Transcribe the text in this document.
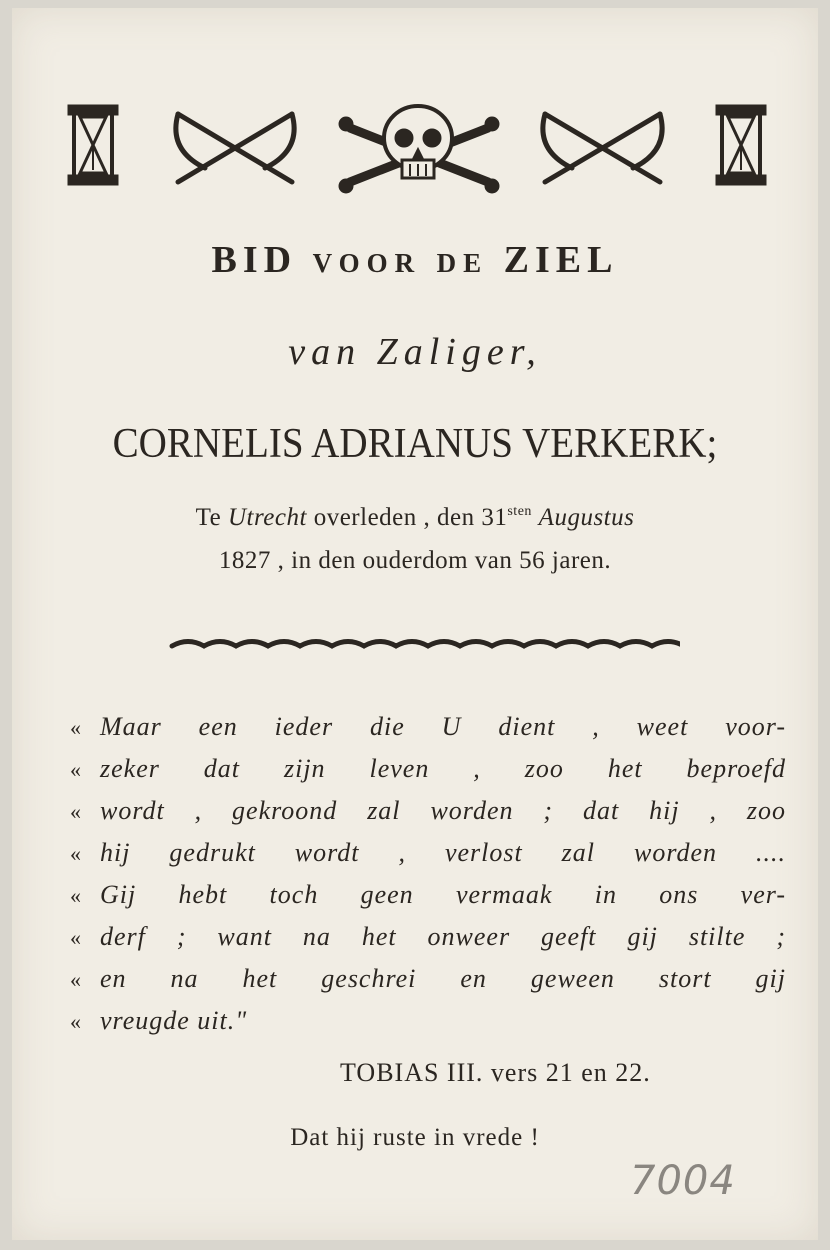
BID VOOR DE ZIEL
van Zaliger,
CORNELIS ADRIANUS VERKERK;
Te Utrecht overleden , den $31^{sten}$ Augustus
1827 , in den ouderdom van 56 jaren.
« Maar een ieder die U dient , weet voor-
« zeker dat zijn leven , zoo het beproefd
« wordt , gekroond zal worden ; dat hij , zoo
« hij gedrukt wordt , verlost zal worden ....
« Gij hebt toch geen vermaak in ons ver-
« derf ; want na het onweer geeft gij stilte ;
« en na het geschrei en geween stort gij
« vreugde uit."
TOBIAS III. vers 21 en 22.
Dat hij ruste in vrede !
7004
